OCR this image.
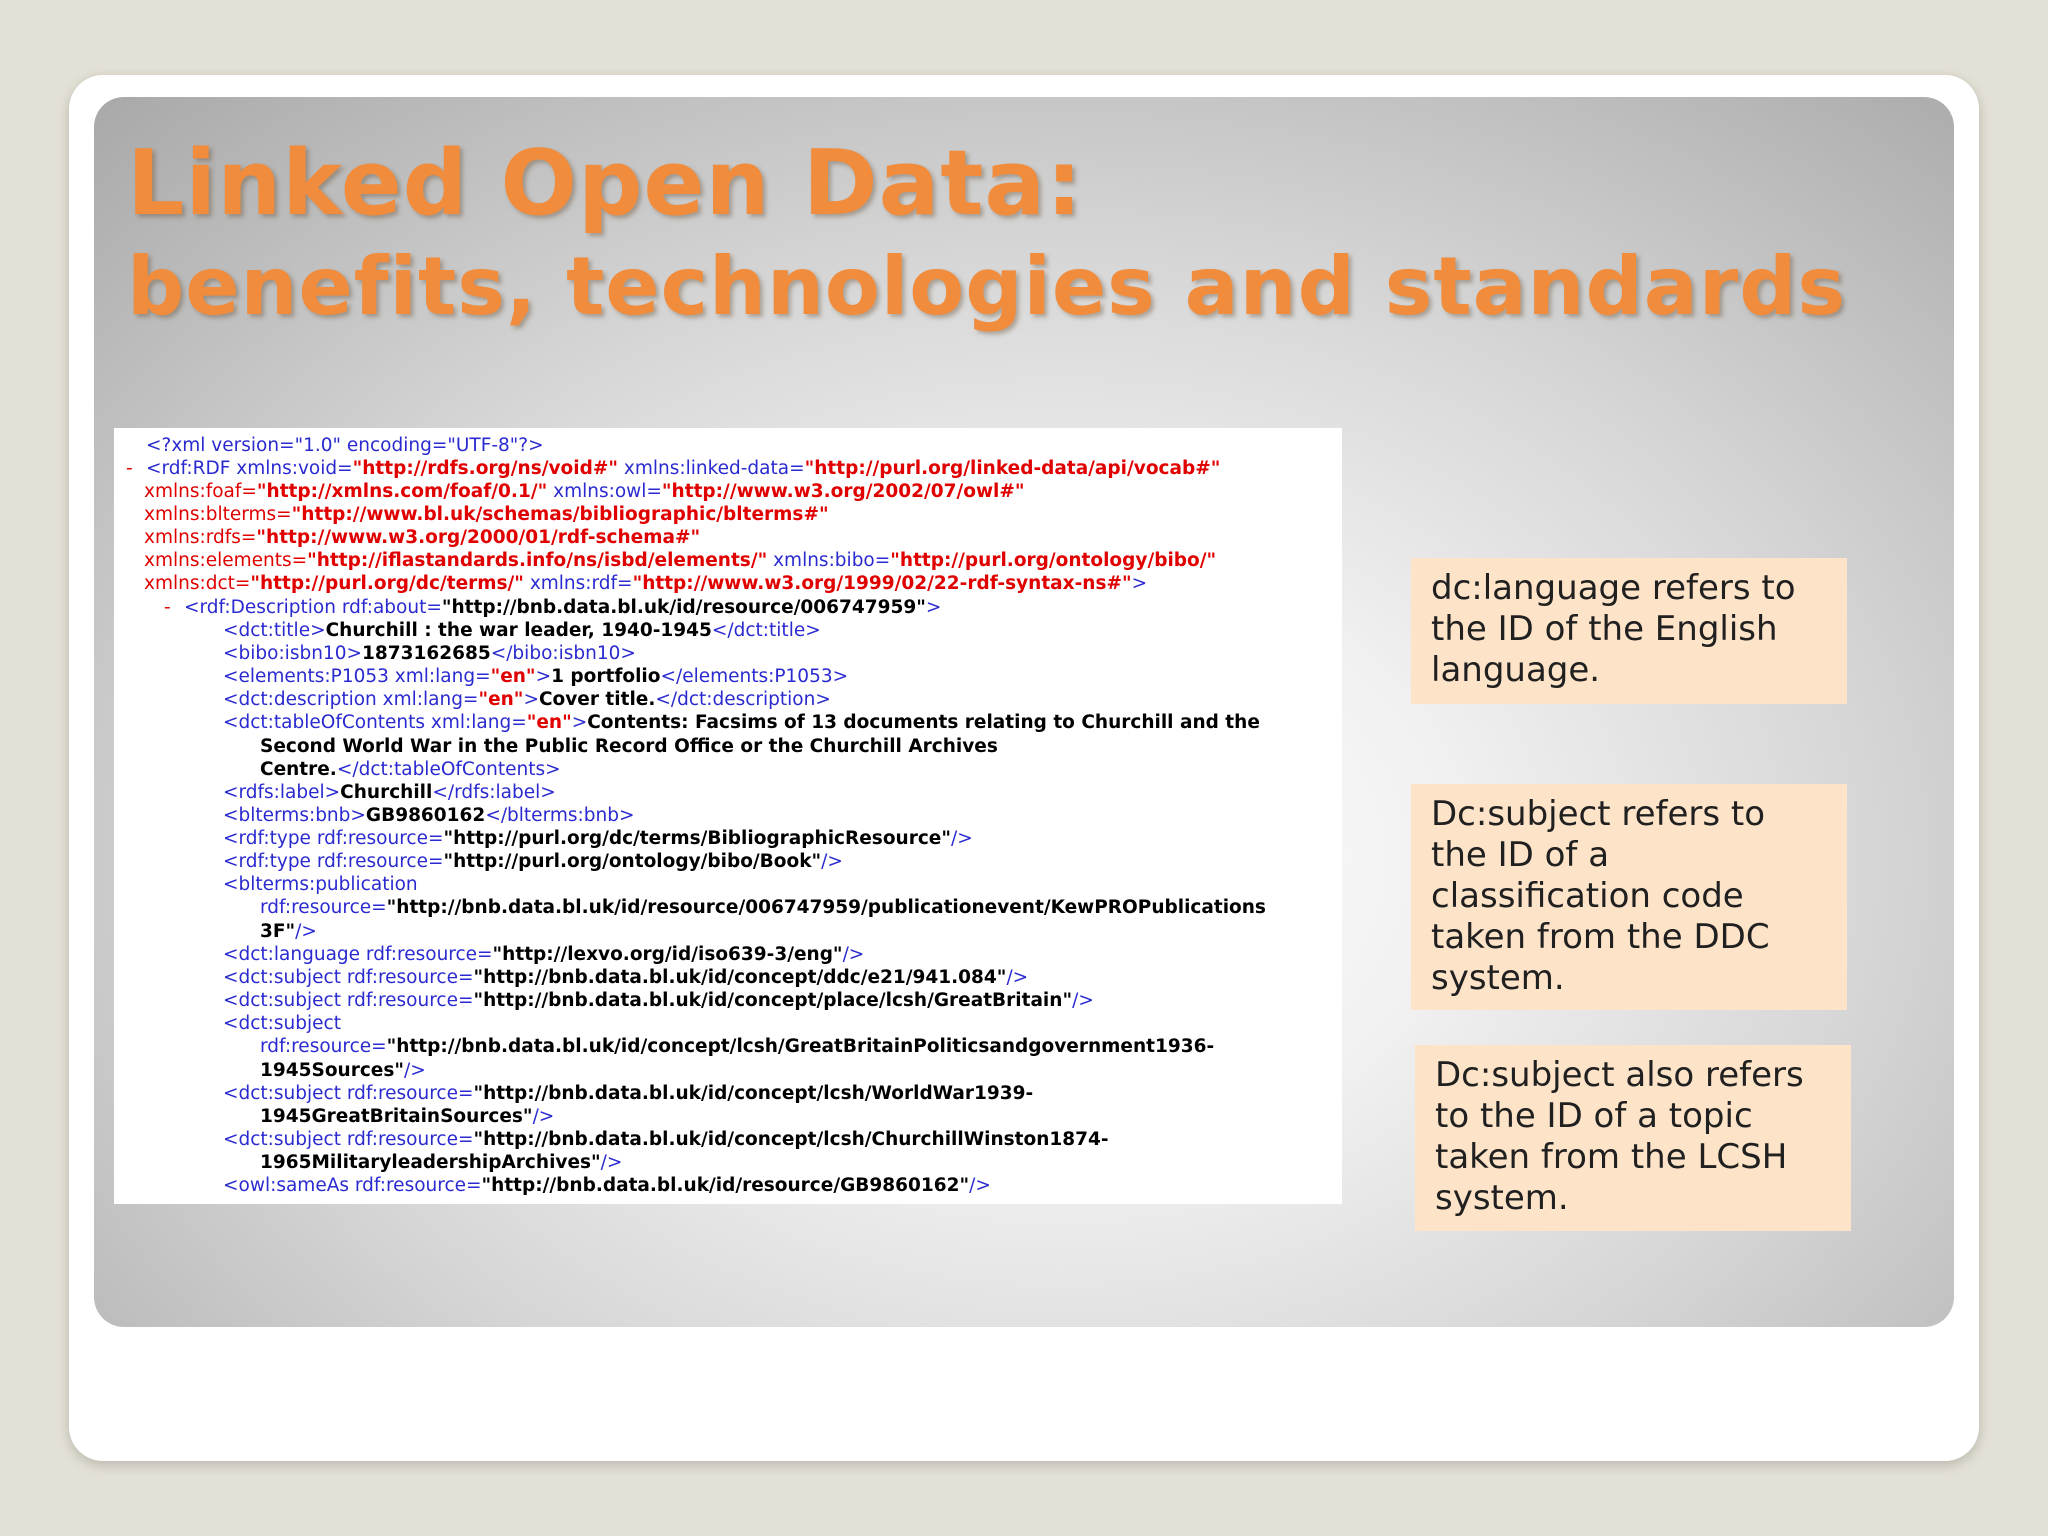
Linked Open Data:
benefits, technologies and standards
<?xml version="1.0" encoding="UTF-8"?>
- <rdf:RDF xmlns:void="http://rdfs.org/ns/void#" xmlns:linked-data="http://purl.org/linked-data/api/vocab#"
xmlns:foaf="http://xmlns.com/foaf/0.1/" xmlns:owl="http://www.w3.org/2002/07/owl#"
xmlns:blterms="http://www.bl.uk/schemas/bibliographic/blterms#"
xmlns:rdfs="http://www.w3.org/2000/01/rdf-schema#"
xmlns:elements="http://iflastandards.info/ns/isbd/elements/" xmlns:bibo="http://purl.org/ontology/bibo/"
xmlns:dct="http://purl.org/dc/terms/" xmlns:rdf="http://www.w3.org/1999/02/22-rdf-syntax-ns#">
- <rdf:Description rdf:about="http://bnb.data.bl.uk/id/resource/006747959">
<dct:title>Churchill : the war leader, 1940-1945</dct:title>
<bibo:isbn10>1873162685</bibo:isbn10>
<elements:P1053 xml:lang="en">1 portfolio</elements:P1053>
<dct:description xml:lang="en">Cover title.</dct:description>
<dct:tableOfContents xml:lang="en">Contents: Facsims of 13 documents relating to Churchill and the
Second World War in the Public Record Office or the Churchill Archives
Centre.</dct:tableOfContents>
<rdfs:label>Churchill</rdfs:label>
<blterms:bnb>GB9860162</blterms:bnb>
<rdf:type rdf:resource="http://purl.org/dc/terms/BibliographicResource"/>
<rdf:type rdf:resource="http://purl.org/ontology/bibo/Book"/>
<blterms:publication
rdf:resource="http://bnb.data.bl.uk/id/resource/006747959/publicationevent/KewPROPublications
3F"/>
<dct:language rdf:resource="http://lexvo.org/id/iso639-3/eng"/>
<dct:subject rdf:resource="http://bnb.data.bl.uk/id/concept/ddc/e21/941.084"/>
<dct:subject rdf:resource="http://bnb.data.bl.uk/id/concept/place/lcsh/GreatBritain"/>
<dct:subject
rdf:resource="http://bnb.data.bl.uk/id/concept/lcsh/GreatBritainPoliticsandgovernment1936-
1945Sources"/>
<dct:subject rdf:resource="http://bnb.data.bl.uk/id/concept/lcsh/WorldWar1939-
1945GreatBritainSources"/>
<dct:subject rdf:resource="http://bnb.data.bl.uk/id/concept/lcsh/ChurchillWinston1874-
1965MilitaryleadershipArchives"/>
<owl:sameAs rdf:resource="http://bnb.data.bl.uk/id/resource/GB9860162"/>
dc:language refers to the ID of the English language.
Dc:subject refers to the ID of a classification code taken from the DDC system.
Dc:subject also refers to the ID of a topic taken from the LCSH system.
